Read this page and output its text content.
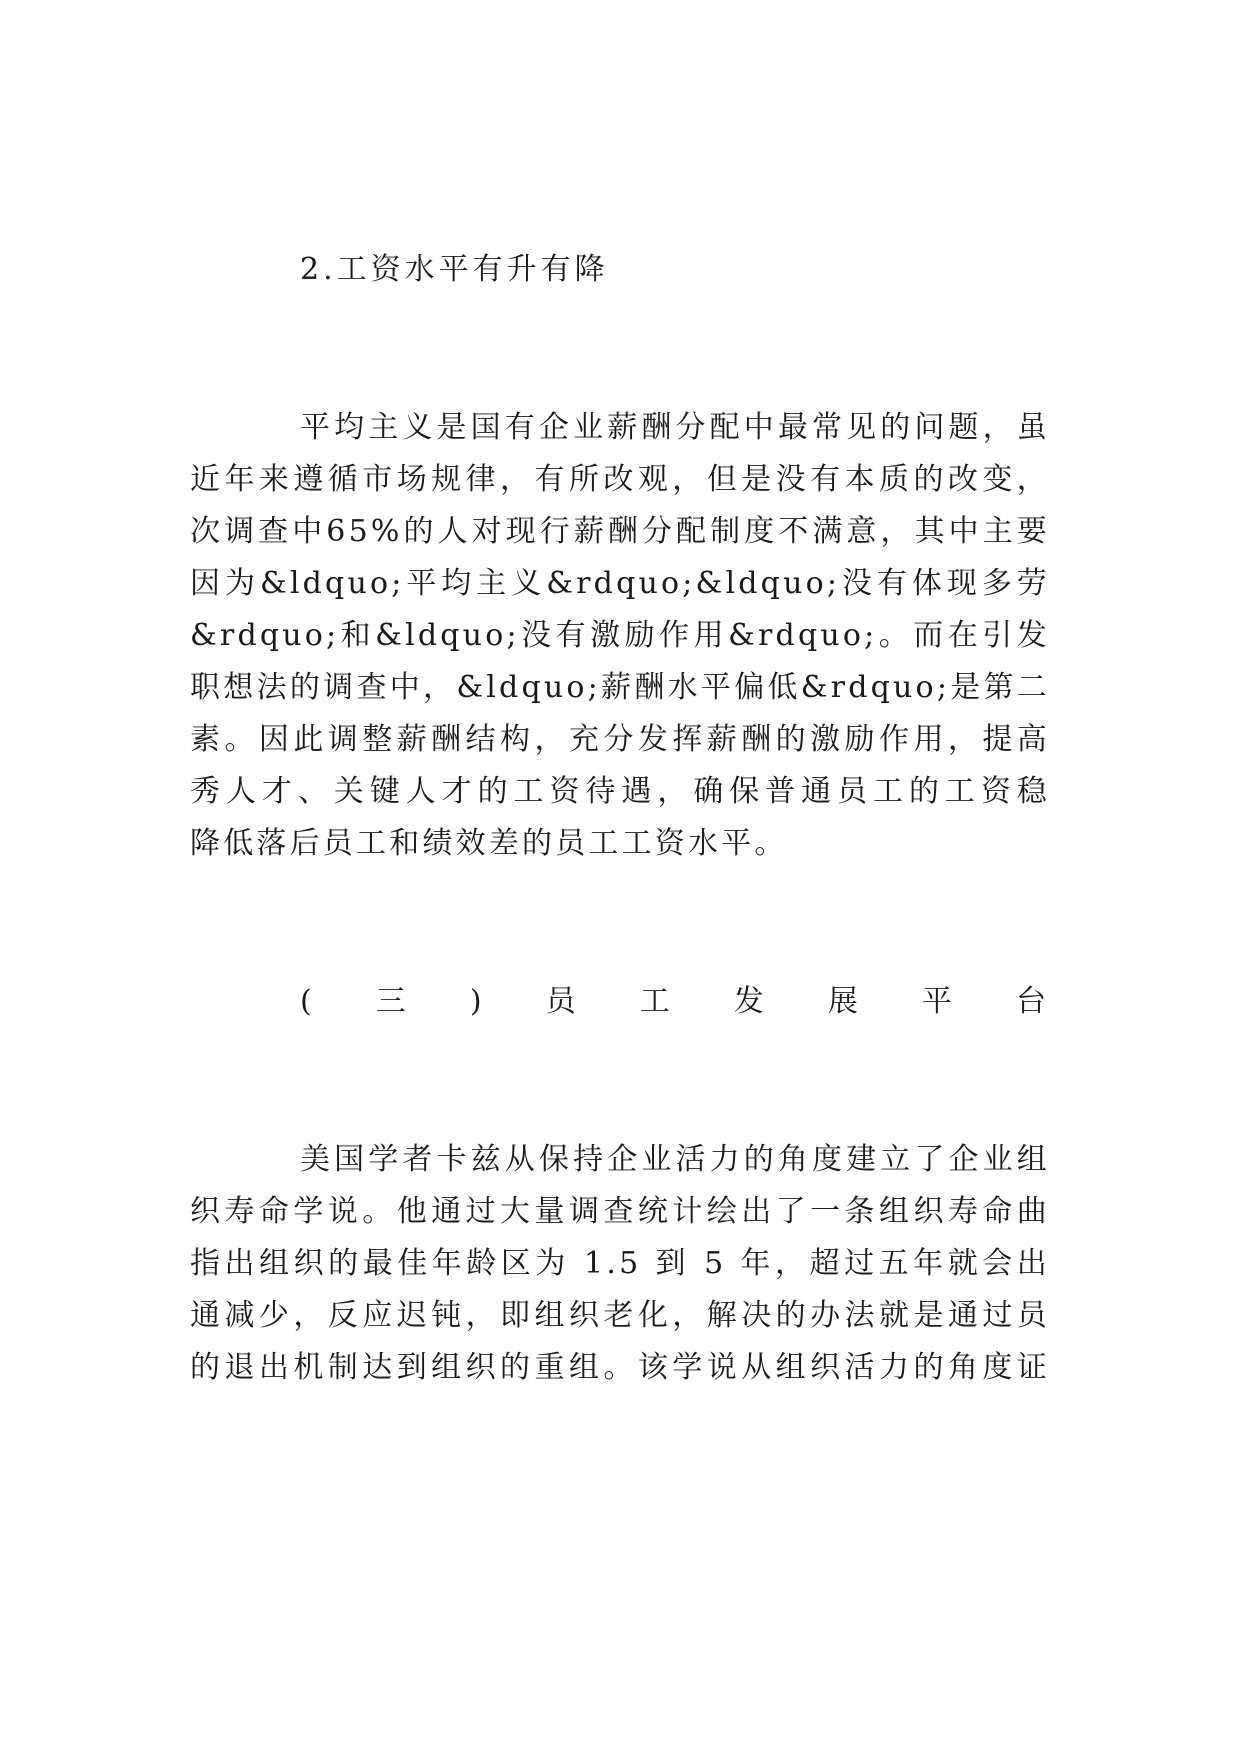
2.工资水平有升有降
平均主义是国有企业薪酬分配中最常见的问题，虽
近年来遵循市场规律，有所改观，但是没有本质的改变，
次调查中65%的人对现行薪酬分配制度不满意，其中主要
因为&ldquo;平均主义&rdquo;&ldquo;没有体现多劳
&rdquo;和&ldquo;没有激励作用&rdquo;。而在引发
职想法的调查中，&ldquo;薪酬水平偏低&rdquo;是第二
素。因此调整薪酬结构，充分发挥薪酬的激励作用，提高
秀人才、关键人才的工资待遇，确保普通员工的工资稳
降低落后员工和绩效差的员工工资水平。
(三)员工发展平台
美国学者卡兹从保持企业活力的角度建立了企业组
织寿命学说。他通过大量调查统计绘出了一条组织寿命曲
指出组织的最佳年龄区为 1.5 到 5 年，超过五年就会出
通减少，反应迟钝，即组织老化，解决的办法就是通过员
的退出机制达到组织的重组。该学说从组织活力的角度证
